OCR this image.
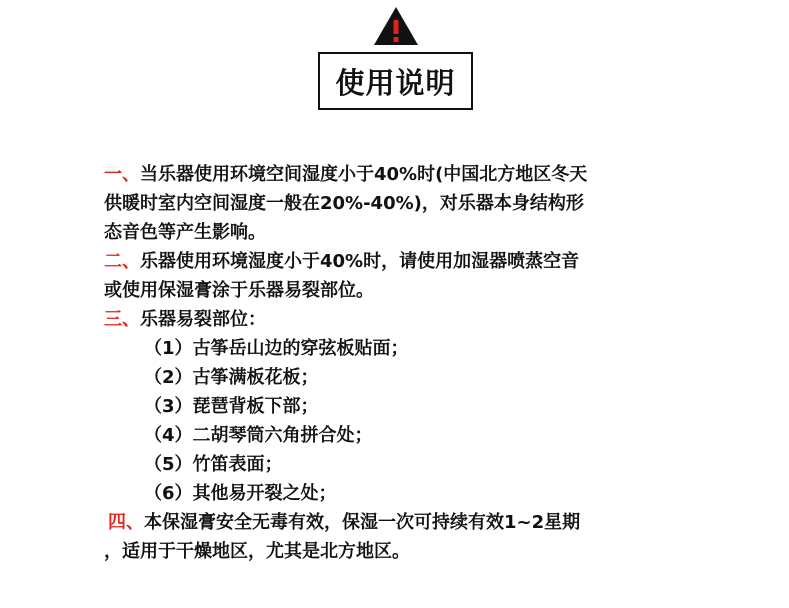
使用说明
一、当乐器使用环境空间湿度小于40%时(中国北方地区冬天
供暖时室内空间湿度一般在20%-40%)，对乐器本身结构形
态音色等产生影响。
二、乐器使用环境湿度小于40%时，请使用加湿器喷蒸空音
或使用保湿膏涂于乐器易裂部位。
三、乐器易裂部位：
（1）古筝岳山边的穿弦板贴面；
（2）古筝满板花板；
（3）琵琶背板下部；
（4）二胡琴筒六角拼合处；
（5）竹笛表面；
（6）其他易开裂之处；
四、本保湿膏安全无毒有效，保湿一次可持续有效1~2星期
，适用于干燥地区，尤其是北方地区。
